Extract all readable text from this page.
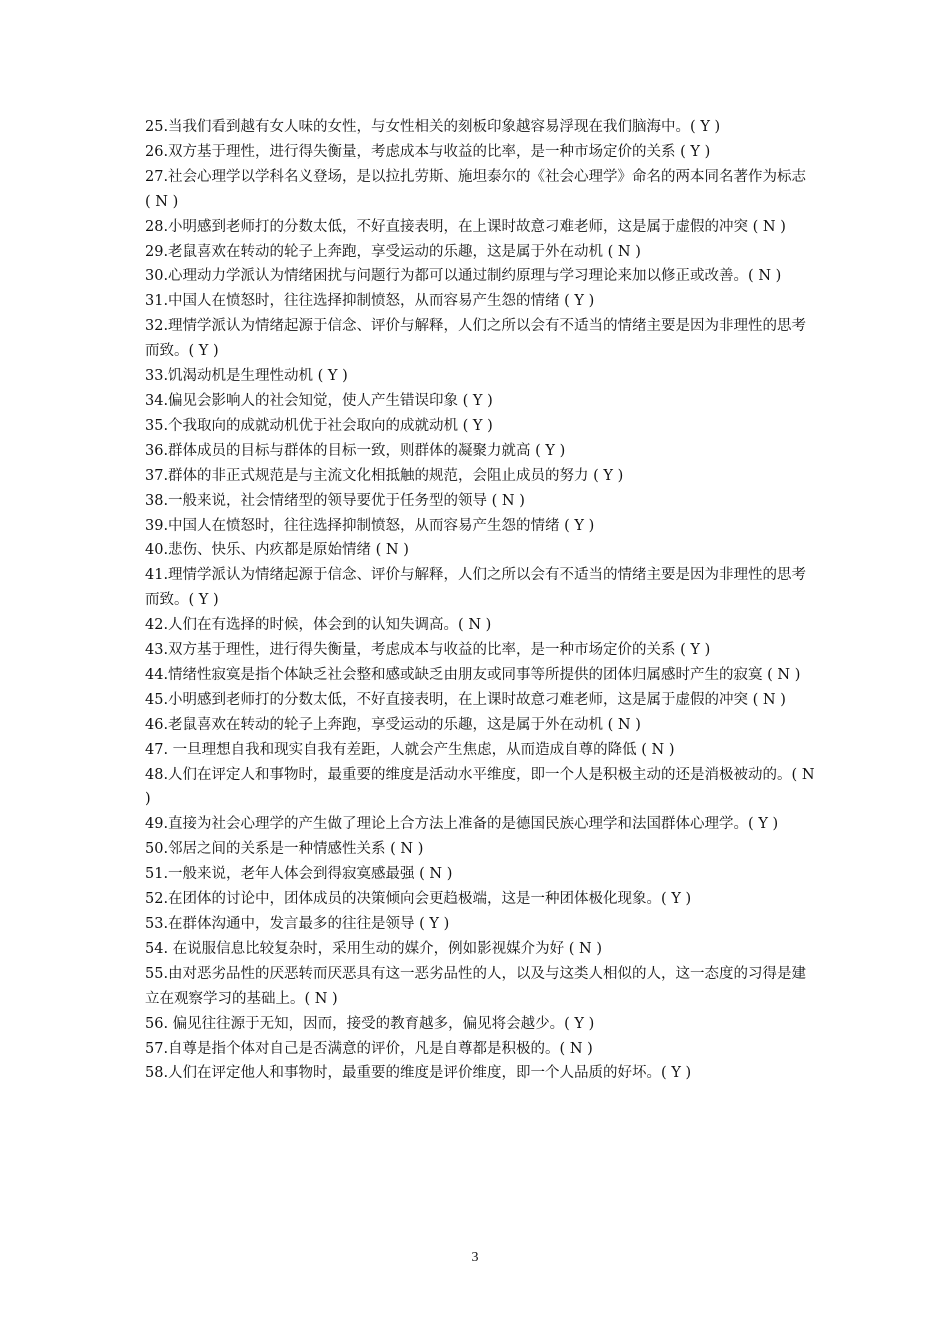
25.当我们看到越有女人味的女性，与女性相关的刻板印象越容易浮现在我们脑海中。( Y )

26.双方基于理性，进行得失衡量，考虑成本与收益的比率，是一种市场定价的关系 ( Y )

27.社会心理学以学科名义登场，是以拉扎劳斯、施坦泰尔的《社会心理学》命名的两本同名著作为标志 ( N )

28.小明感到老师打的分数太低，不好直接表明，在上课时故意刁难老师，这是属于虚假的冲突 ( N )

29.老鼠喜欢在转动的轮子上奔跑，享受运动的乐趣，这是属于外在动机 ( N )

30.心理动力学派认为情绪困扰与问题行为都可以通过制约原理与学习理论来加以修正或改善。( N )

31.中国人在愤怒时，往往选择抑制愤怒，从而容易产生怨的情绪 ( Y )

32.理情学派认为情绪起源于信念、评价与解释，人们之所以会有不适当的情绪主要是因为非理性的思考而致。( Y )

33.饥渴动机是生理性动机 ( Y )

34.偏见会影响人的社会知觉，使人产生错误印象 ( Y )

35.个我取向的成就动机优于社会取向的成就动机 ( Y )

36.群体成员的目标与群体的目标一致，则群体的凝聚力就高 ( Y )

37.群体的非正式规范是与主流文化相抵触的规范，会阻止成员的努力 ( Y )

38.一般来说，社会情绪型的领导要优于任务型的领导 ( N )

39.中国人在愤怒时，往往选择抑制愤怒，从而容易产生怨的情绪 ( Y )

40.悲伤、快乐、内疚都是原始情绪 ( N )

41.理情学派认为情绪起源于信念、评价与解释，人们之所以会有不适当的情绪主要是因为非理性的思考而致。( Y )

42.人们在有选择的时候，体会到的认知失调高。( N )

43.双方基于理性，进行得失衡量，考虑成本与收益的比率，是一种市场定价的关系 ( Y )

44.情绪性寂寞是指个体缺乏社会整和感或缺乏由朋友或同事等所提供的团体归属感时产生的寂寞 ( N )

45.小明感到老师打的分数太低，不好直接表明，在上课时故意刁难老师，这是属于虚假的冲突 ( N )

46.老鼠喜欢在转动的轮子上奔跑，享受运动的乐趣，这是属于外在动机 ( N )

47. 一旦理想自我和现实自我有差距，人就会产生焦虑，从而造成自尊的降低 ( N )

48.人们在评定人和事物时，最重要的维度是活动水平维度，即一个人是积极主动的还是消极被动的。( N )

49.直接为社会心理学的产生做了理论上合方法上准备的是德国民族心理学和法国群体心理学。( Y )

50.邻居之间的关系是一种情感性关系 ( N )

51.一般来说，老年人体会到得寂寞感最强 ( N )

52.在团体的讨论中，团体成员的决策倾向会更趋极端，这是一种团体极化现象。( Y )

53.在群体沟通中，发言最多的往往是领导 ( Y )

54. 在说服信息比较复杂时，采用生动的媒介，例如影视媒介为好 ( N )

55.由对恶劣品性的厌恶转而厌恶具有这一恶劣品性的人，以及与这类人相似的人，这一态度的习得是建立在观察学习的基础上。( N )

56. 偏见往往源于无知，因而，接受的教育越多，偏见将会越少。( Y )

57.自尊是指个体对自己是否满意的评价，凡是自尊都是积极的。( N )

58.人们在评定他人和事物时，最重要的维度是评价维度，即一个人品质的好坏。( Y )

3
